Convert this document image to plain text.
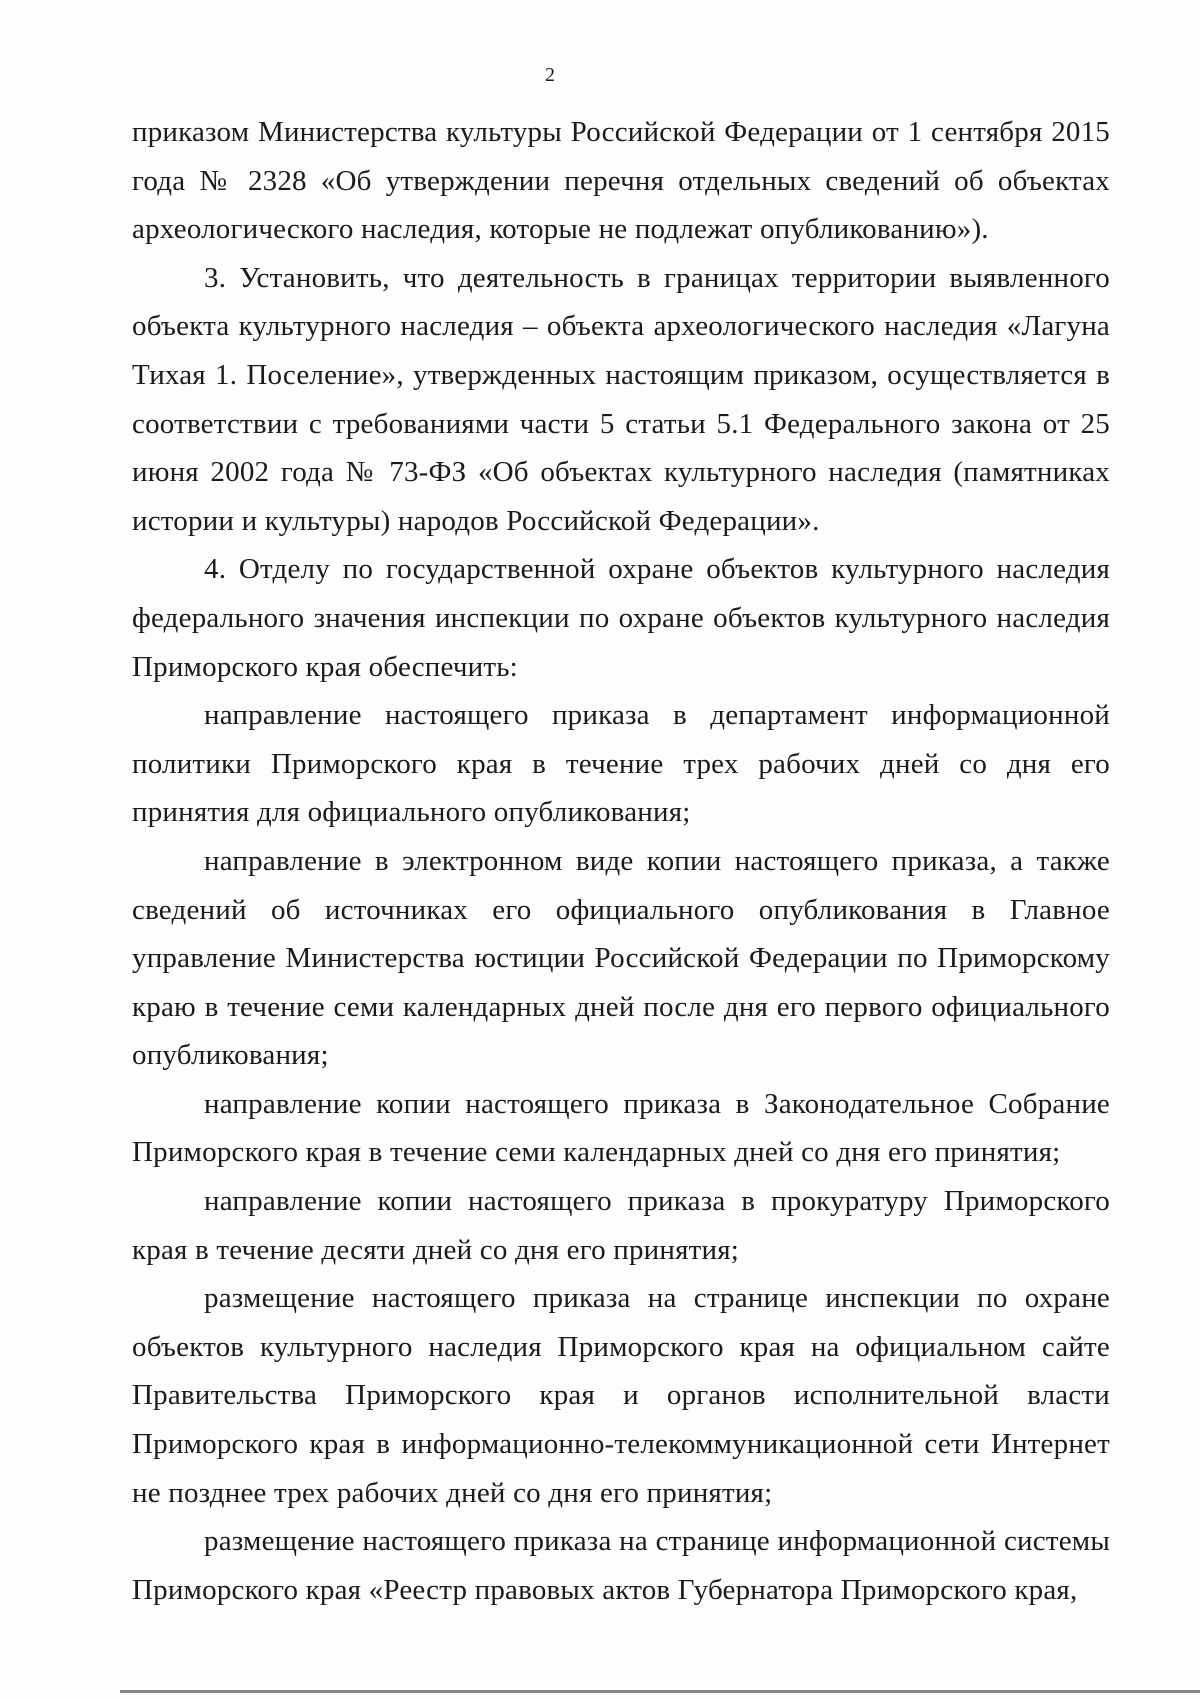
2

приказом Министерства культуры Российской Федерации от 1 сентября 2015 года № 2328 «Об утверждении перечня отдельных сведений об объектах археологического наследия, которые не подлежат опубликованию»).

3. Установить, что деятельность в границах территории выявленного объекта культурного наследия – объекта археологического наследия «Лагуна Тихая 1. Поселение», утвержденных настоящим приказом, осуществляется в соответствии с требованиями части 5 статьи 5.1 Федерального закона от 25 июня 2002 года № 73-ФЗ «Об объектах культурного наследия (памятниках истории и культуры) народов Российской Федерации».

4. Отделу по государственной охране объектов культурного наследия федерального значения инспекции по охране объектов культурного наследия Приморского края обеспечить:

направление настоящего приказа в департамент информационной политики Приморского края в течение трех рабочих дней со дня его принятия для официального опубликования;

направление в электронном виде копии настоящего приказа, а также сведений об источниках его официального опубликования в Главное управление Министерства юстиции Российской Федерации по Приморскому краю в течение семи календарных дней после дня его первого официального опубликования;

направление копии настоящего приказа в Законодательное Собрание Приморского края в течение семи календарных дней со дня его принятия;

направление копии настоящего приказа в прокуратуру Приморского края в течение десяти дней со дня его принятия;

размещение настоящего приказа на странице инспекции по охране объектов культурного наследия Приморского края на официальном сайте Правительства Приморского края и органов исполнительной власти Приморского края в информационно-телекоммуникационной сети Интернет не позднее трех рабочих дней со дня его принятия;

размещение настоящего приказа на странице информационной системы Приморского края «Реестр правовых актов Губернатора Приморского края,
